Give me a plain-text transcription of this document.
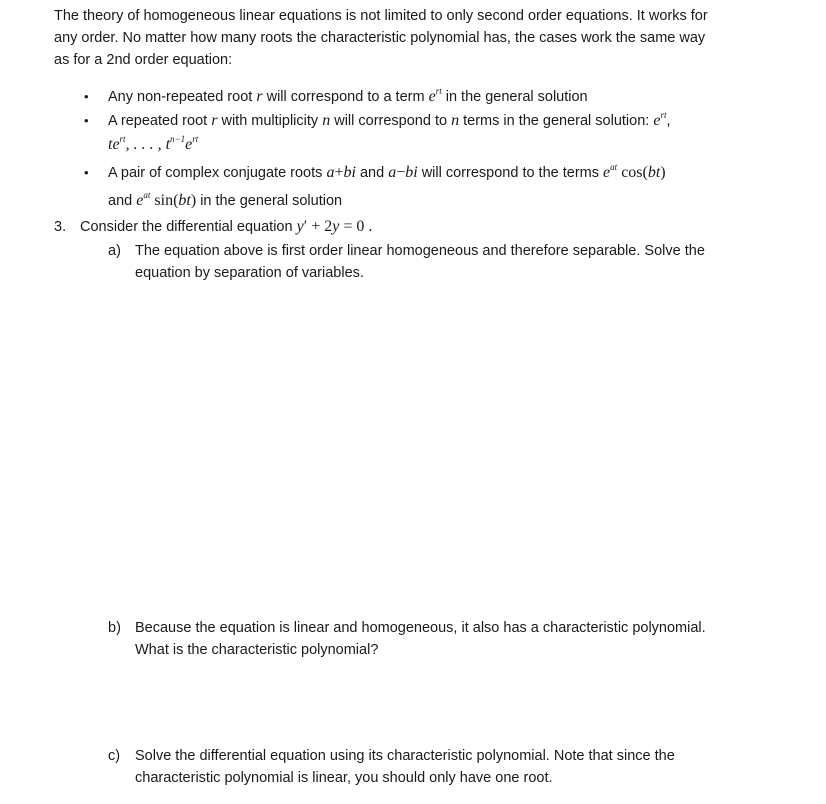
The theory of homogeneous linear equations is not limited to only second order equations. It works for
any order. No matter how many roots the characteristic polynomial has, the cases work the same way
as for a 2nd order equation:
• Any non-repeated root r will correspond to a term $e^{rt}$ in the general solution
• A repeated root r with multiplicity n will correspond to n terms in the general solution: $e^{rt}$,
$te^{rt}$, . . . , $t^{n-1}e^{rt}$
• A pair of complex conjugate roots a+bi and a−bi will correspond to the terms $e^{at}$ cos(bt)
and $e^{at}$ sin(bt) in the general solution
3. Consider the differential equation y′ + 2y = 0 .
a) The equation above is first order linear homogeneous and therefore separable. Solve the
equation by separation of variables.
b) Because the equation is linear and homogeneous, it also has a characteristic polynomial.
What is the characteristic polynomial?
c) Solve the differential equation using its characteristic polynomial. Note that since the
characteristic polynomial is linear, you should only have one root.
